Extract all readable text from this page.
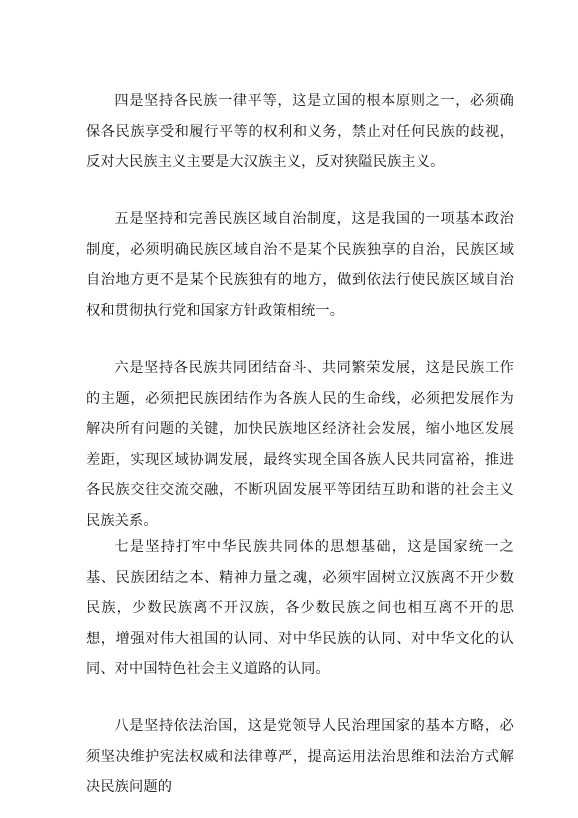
四是坚持各民族一律平等，这是立国的根本原则之一，必须确保各民族享受和履行平等的权利和义务，禁止对任何民族的歧视，反对大民族主义主要是大汉族主义，反对狭隘民族主义。

五是坚持和完善民族区域自治制度，这是我国的一项基本政治制度，必须明确民族区域自治不是某个民族独享的自治，民族区域自治地方更不是某个民族独有的地方，做到依法行使民族区域自治权和贯彻执行党和国家方针政策相统一。

六是坚持各民族共同团结奋斗、共同繁荣发展，这是民族工作的主题，必须把民族团结作为各族人民的生命线，必须把发展作为解决所有问题的关键，加快民族地区经济社会发展，缩小地区发展差距，实现区域协调发展，最终实现全国各族人民共同富裕，推进各民族交往交流交融，不断巩固发展平等团结互助和谐的社会主义民族关系。

七是坚持打牢中华民族共同体的思想基础，这是国家统一之基、民族团结之本、精神力量之魂，必须牢固树立汉族离不开少数民族，少数民族离不开汉族，各少数民族之间也相互离不开的思想，增强对伟大祖国的认同、对中华民族的认同、对中华文化的认同、对中国特色社会主义道路的认同。

八是坚持依法治国，这是党领导人民治理国家的基本方略，必须坚决维护宪法权威和法律尊严，提高运用法治思维和法治方式解决民族问题的
